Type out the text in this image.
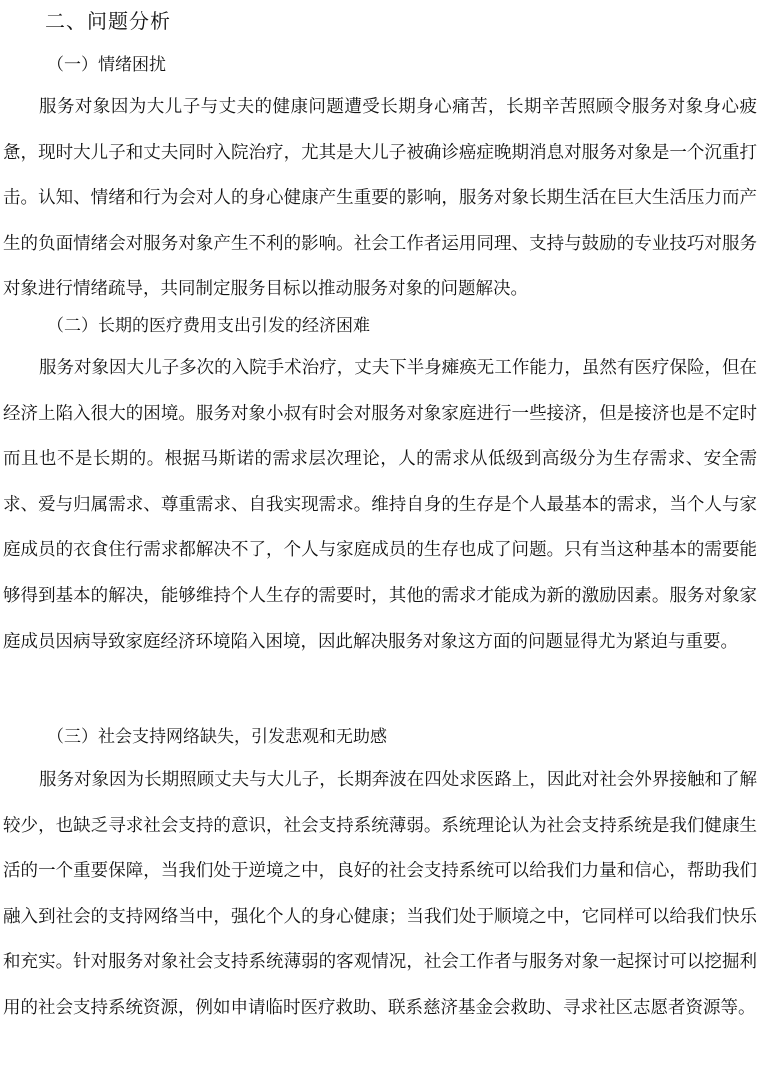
二、问题分析
（一）情绪困扰

服务对象因为大儿子与丈夫的健康问题遭受长期身心痛苦，长期辛苦照顾令服务对象身心疲惫，现时大儿子和丈夫同时入院治疗，尤其是大儿子被确诊癌症晚期消息对服务对象是一个沉重打击。认知、情绪和行为会对人的身心健康产生重要的影响，服务对象长期生活在巨大生活压力而产生的负面情绪会对服务对象产生不利的影响。社会工作者运用同理、支持与鼓励的专业技巧对服务对象进行情绪疏导，共同制定服务目标以推动服务对象的问题解决。

（二）长期的医疗费用支出引发的经济困难

服务对象因大儿子多次的入院手术治疗，丈夫下半身瘫痪无工作能力，虽然有医疗保险，但在经济上陷入很大的困境。服务对象小叔有时会对服务对象家庭进行一些接济，但是接济也是不定时而且也不是长期的。根据马斯诺的需求层次理论，人的需求从低级到高级分为生存需求、安全需求、爱与归属需求、尊重需求、自我实现需求。维持自身的生存是个人最基本的需求，当个人与家庭成员的衣食住行需求都解决不了，个人与家庭成员的生存也成了问题。只有当这种基本的需要能够得到基本的解决，能够维持个人生存的需要时，其他的需求才能成为新的激励因素。服务对象家庭成员因病导致家庭经济环境陷入困境，因此解决服务对象这方面的问题显得尤为紧迫与重要。

（三）社会支持网络缺失，引发悲观和无助感

服务对象因为长期照顾丈夫与大儿子，长期奔波在四处求医路上，因此对社会外界接触和了解较少，也缺乏寻求社会支持的意识，社会支持系统薄弱。系统理论认为社会支持系统是我们健康生活的一个重要保障，当我们处于逆境之中，良好的社会支持系统可以给我们力量和信心，帮助我们融入到社会的支持网络当中，强化个人的身心健康；当我们处于顺境之中，它同样可以给我们快乐和充实。针对服务对象社会支持系统薄弱的客观情况，社会工作者与服务对象一起探讨可以挖掘利用的社会支持系统资源，例如申请临时医疗救助、联系慈济基金会救助、寻求社区志愿者资源等。
